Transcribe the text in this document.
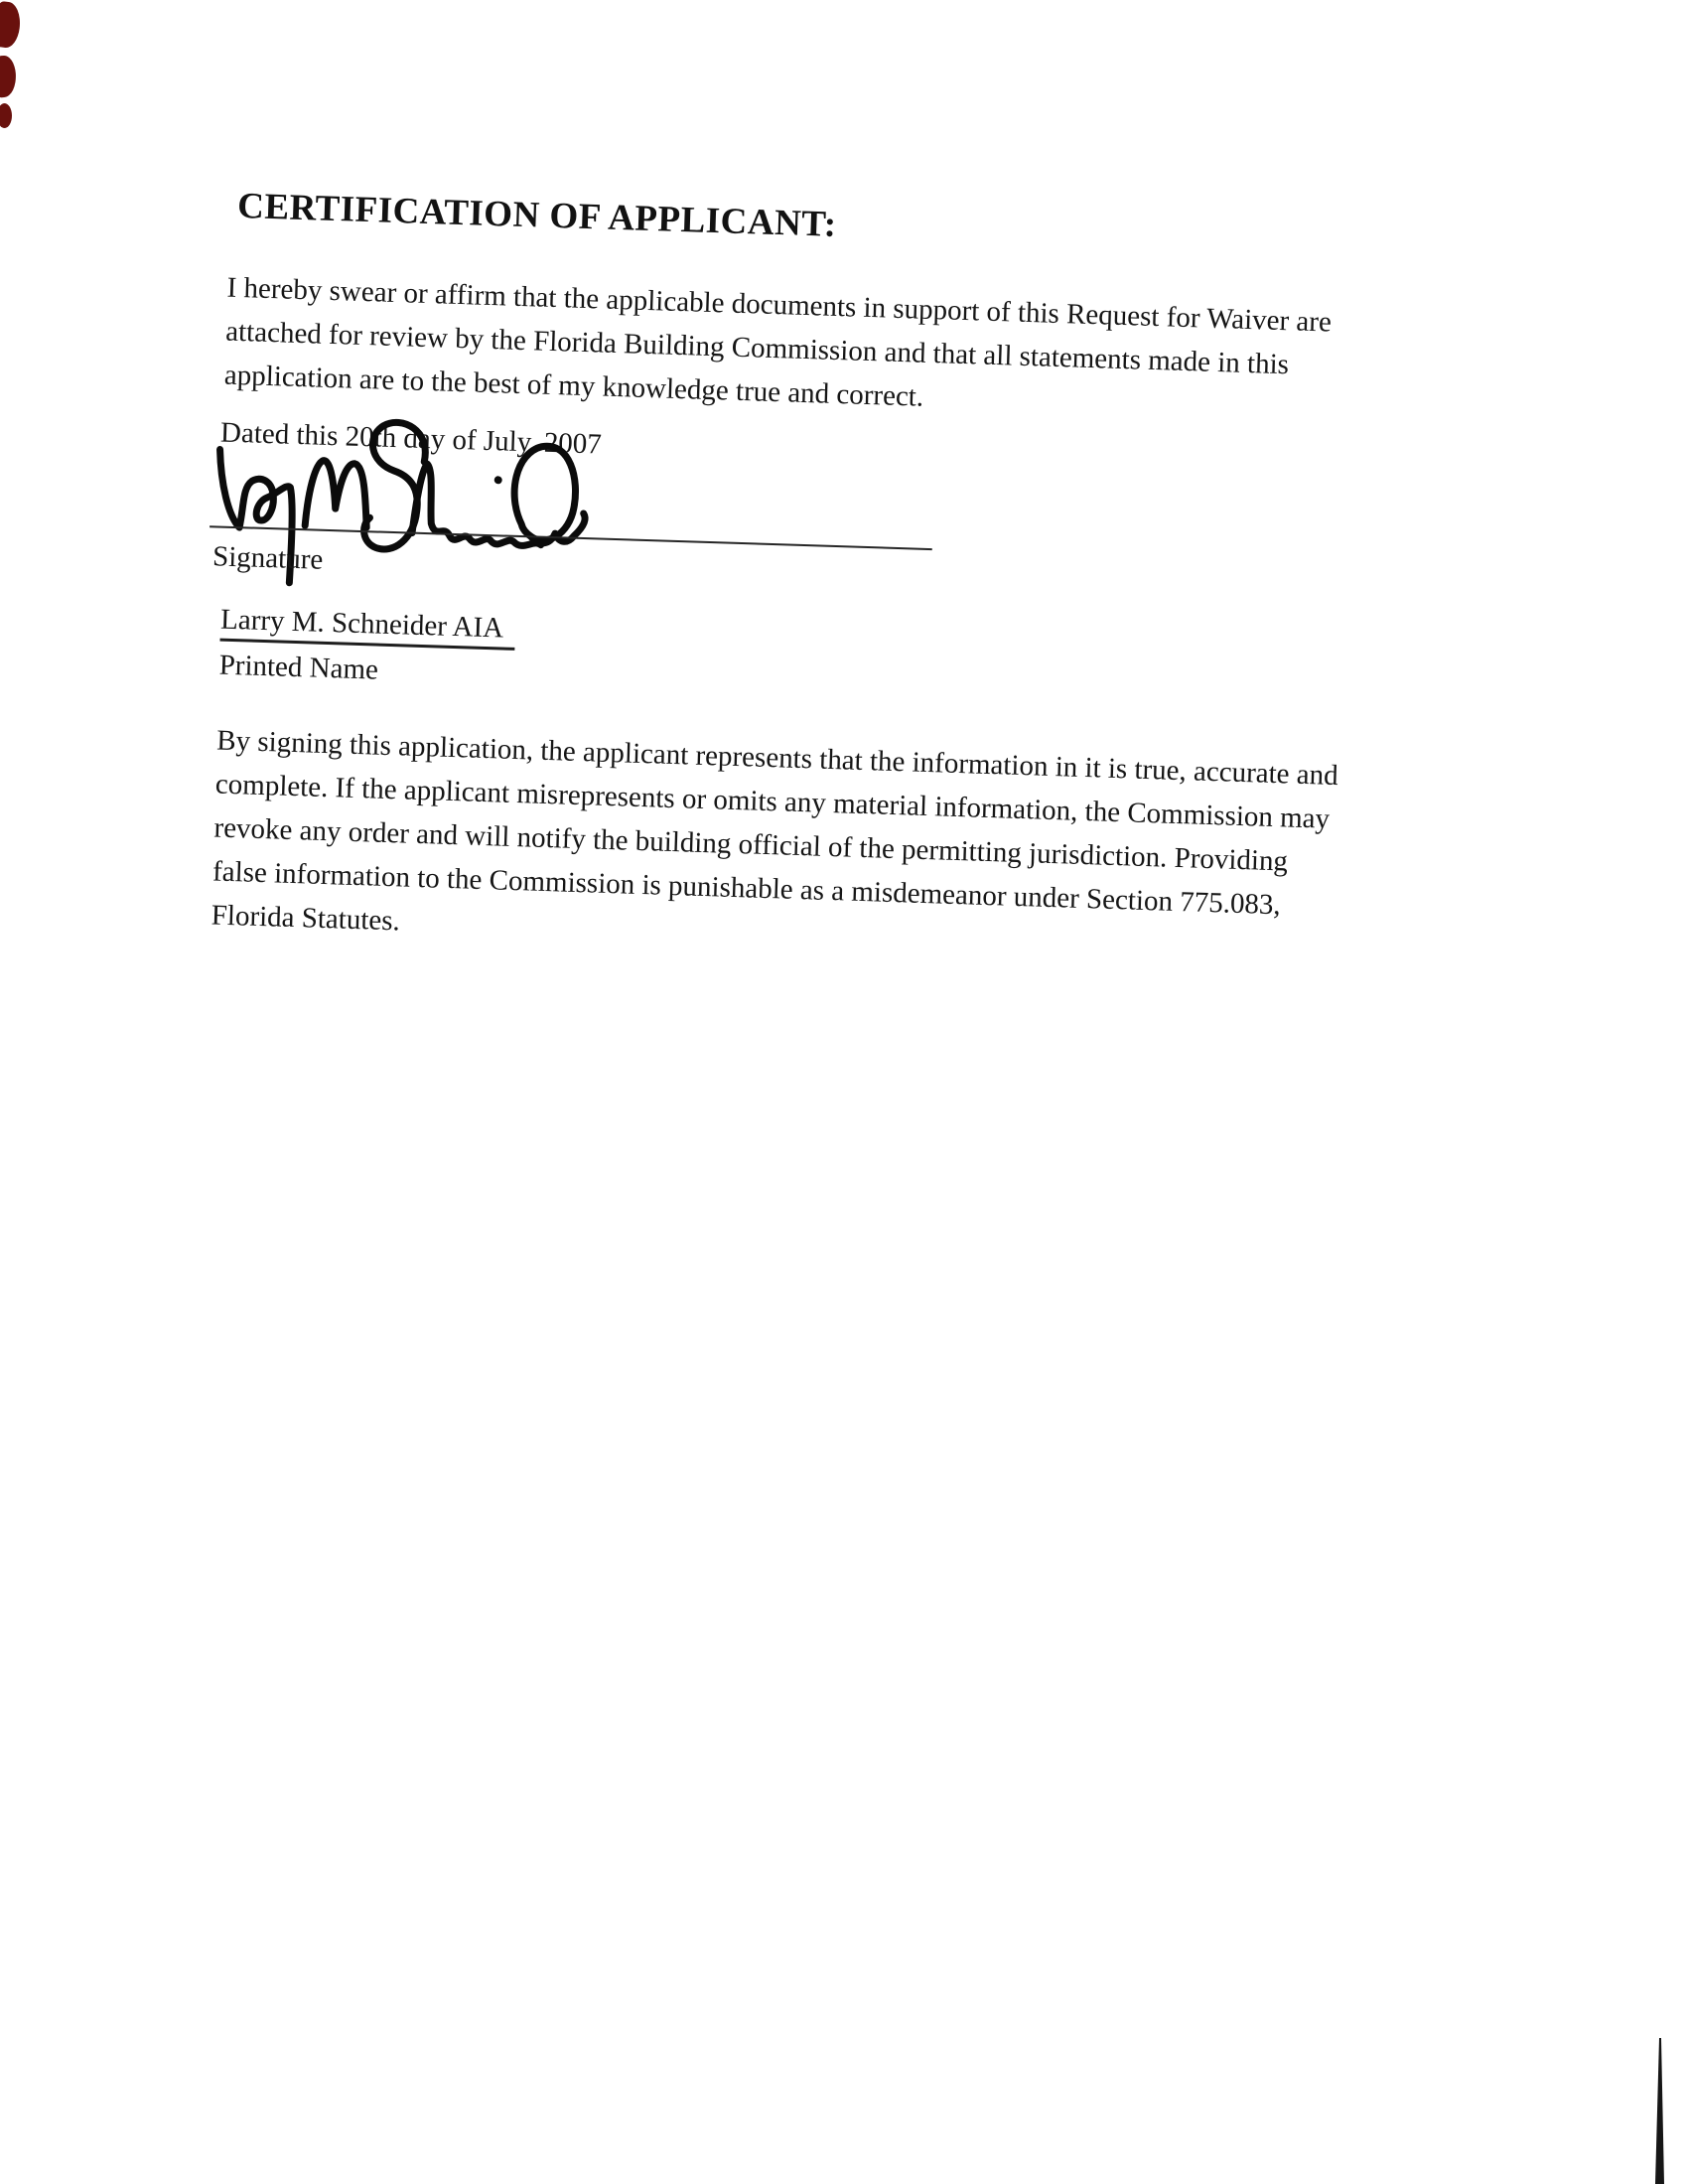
CERTIFICATION OF APPLICANT:
I hereby swear or affirm that the applicable documents in support of this Request for Waiver are
attached for review by the Florida Building Commission and that all statements made in this
application are to the best of my knowledge true and correct.
Dated this 20th day of July, 2007
Signature
Larry M. Schneider AIA
Printed Name
By signing this application, the applicant represents that the information in it is true, accurate and
complete. If the applicant misrepresents or omits any material information, the Commission may
revoke any order and will notify the building official of the permitting jurisdiction. Providing
false information to the Commission is punishable as a misdemeanor under Section 775.083,
Florida Statutes.
